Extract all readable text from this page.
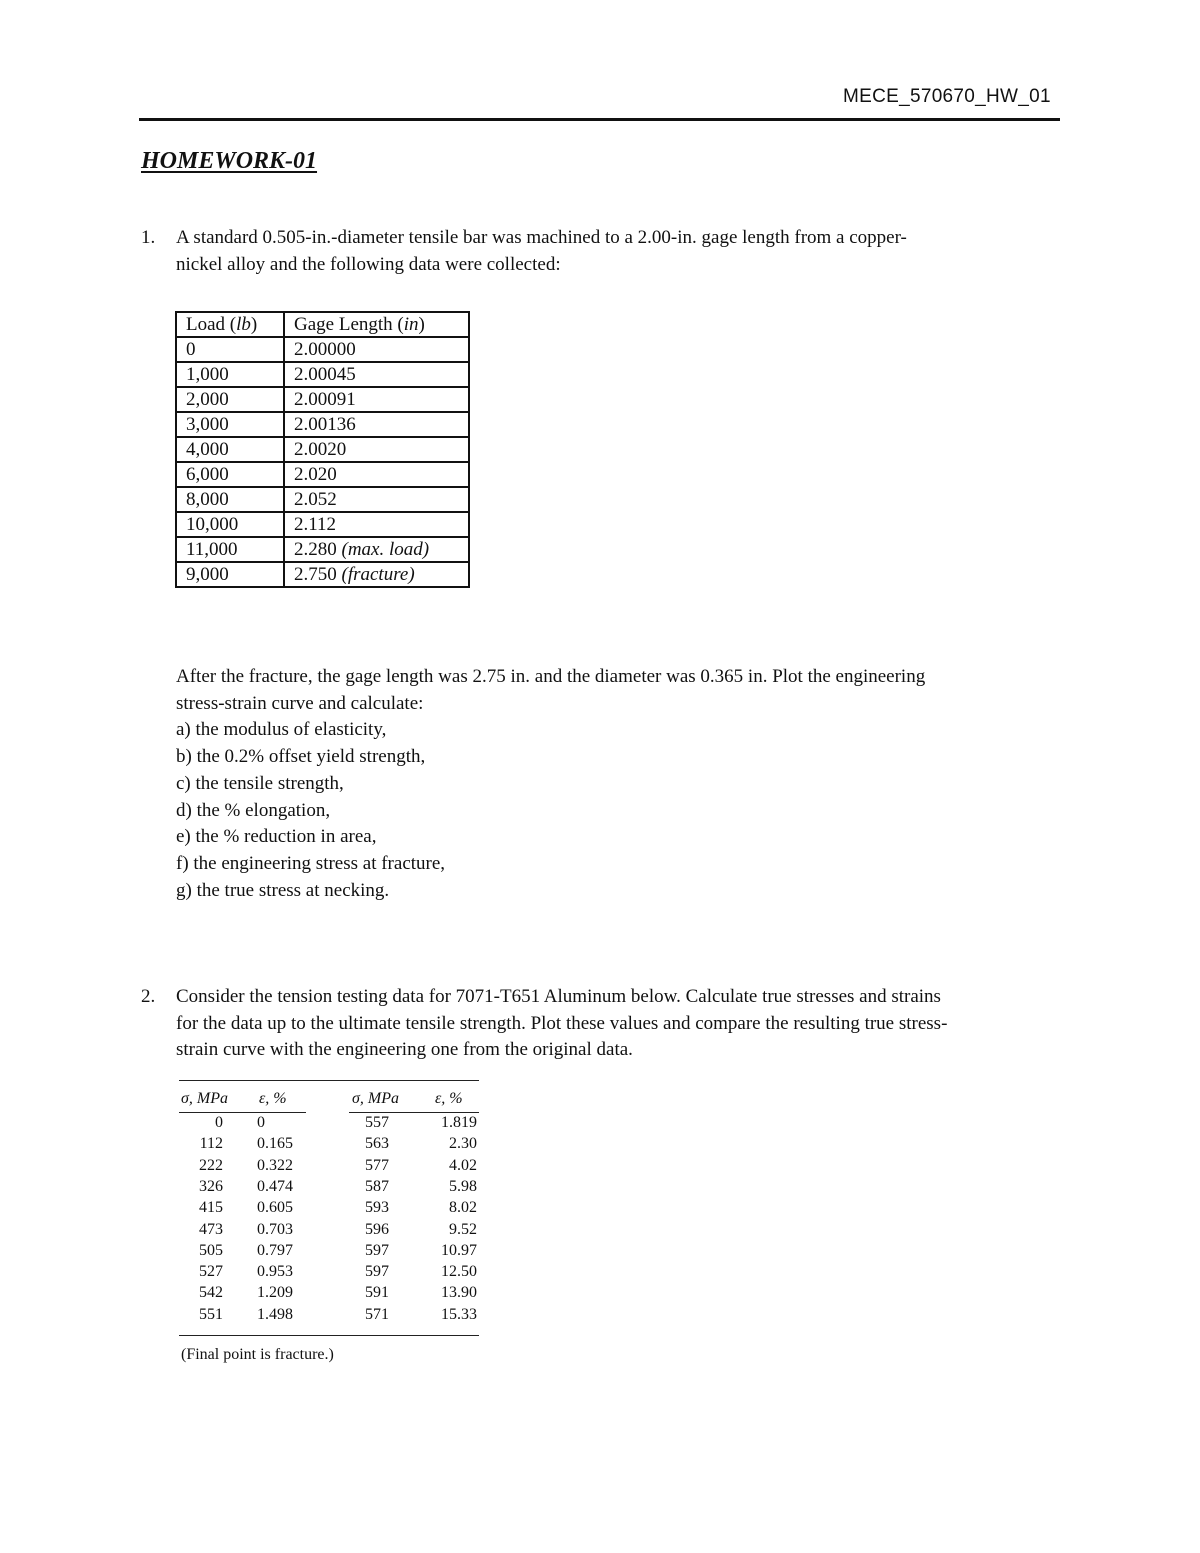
MECE_570670_HW_01
HOMEWORK-01
1. A standard 0.505-in.-diameter tensile bar was machined to a 2.00-in. gage length from a copper-
nickel alloy and the following data were collected:
Load (lb)	Gage Length (in)
0	2.00000
1,000	2.00045
2,000	2.00091
3,000	2.00136
4,000	2.0020
6,000	2.020
8,000	2.052
10,000	2.112
11,000	2.280 (max. load)
9,000	2.750 (fracture)
After the fracture, the gage length was 2.75 in. and the diameter was 0.365 in. Plot the engineering
stress-strain curve and calculate:
a) the modulus of elasticity,
b) the 0.2% offset yield strength,
c) the tensile strength,
d) the % elongation,
e) the % reduction in area,
f) the engineering stress at fracture,
g) the true stress at necking.
2. Consider the tension testing data for 7071-T651 Aluminum below. Calculate true stresses and strains
for the data up to the ultimate tensile strength. Plot these values and compare the resulting true stress-
strain curve with the engineering one from the original data.
σ, MPa ε, %	σ, MPa ε, %
(Final point is fracture.)
0 0	557	1.819
112 0.165	563	2.30
222 0.322	577	4.02
326 0.474	587	5.98
415 0.605	593	8.02
473 0.703	596	9.52
505 0.797	597	10.97
527 0.953	597	12.50
542 1.209	591	13.90
551 1.498	571	15.33
